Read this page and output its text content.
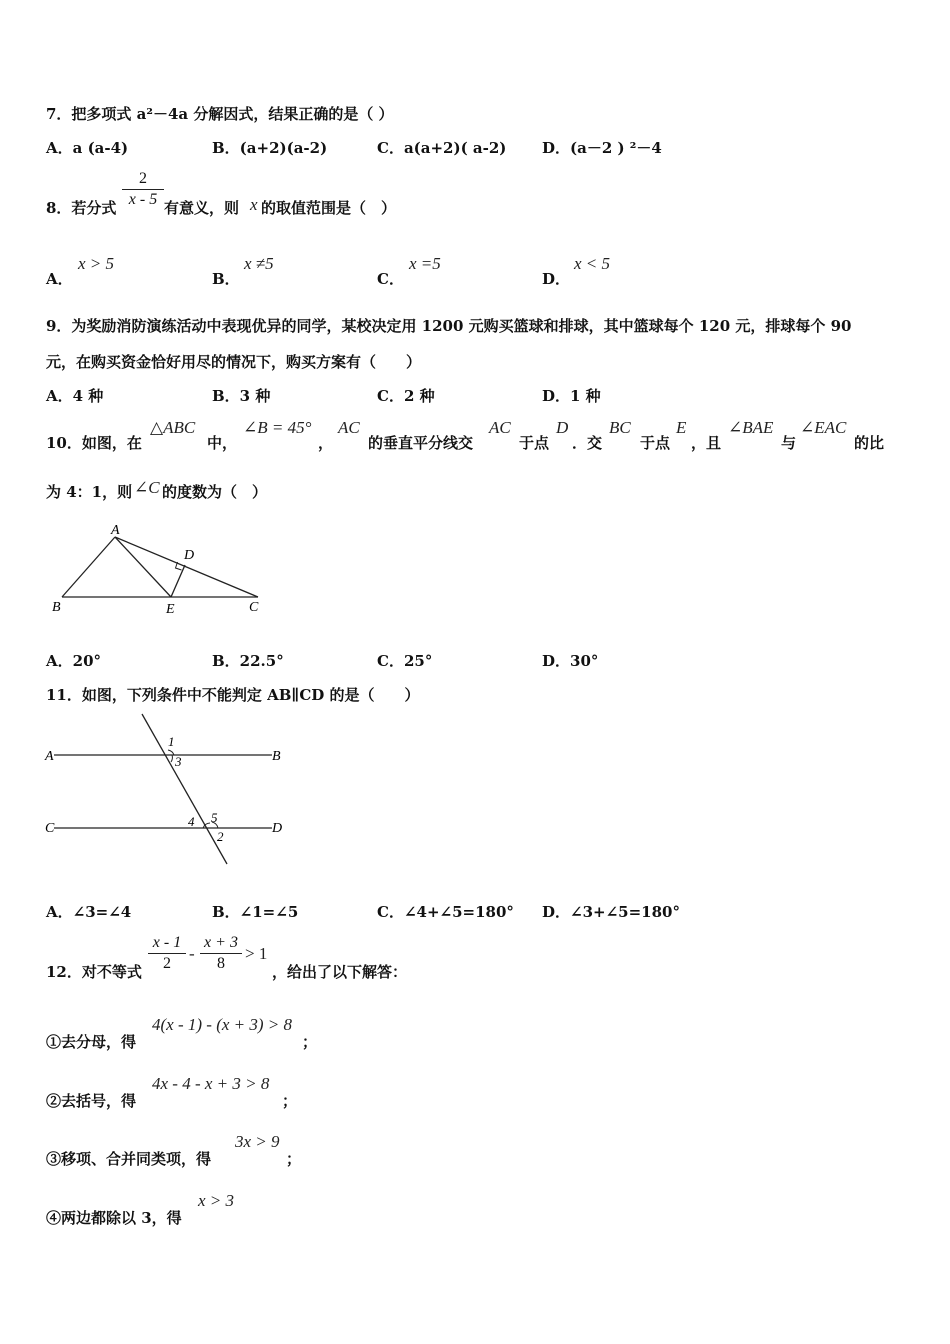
7．把多项式 a²－4a 分解因式，结果正确的是（ ）
A．a (a-4)	B．(a+2)(a-2)	C．a(a+2)( a-2) D．(a－2 ) ²－4
8．若分式
2
x - 5 有意义，则 x 的取值范围是（　）
A．
x > 5
B．
x ≠5
C．
x =5
D．
x < 5
9．为奖励消防演练活动中表现优异的同学，某校决定用 1200 元购买篮球和排球，其中篮球每个 120 元，排球每个 90
元，在购买资金恰好用尽的情况下，购买方案有（　　）
A．4 种	B．3 种	C．2 种	D．1 种
10．如图，在
△ABC
中，
∠B = 45°
，
AC
的垂直平分线交
AC
于点
D
．交
BC
于点
E
，且
∠BAE
与
∠EAC
的比
为 4：1，则 ∠C 的度数为（　）
A
B	C
D
E
A．20°	B．22.5°	C．25°	D．30°
11．如图，下列条件中不能判定 AB∥CD 的是（　　）
A	B
C	D
1
3
4 5
2
A．∠3=∠4	B．∠1=∠5	C．∠4+∠5=180° D．∠3+∠5=180°
12．对不等式
x - 1
2
-
x + 3
8
> 1
，给出了以下解答：
①去分母，得
4(x - 1) - (x + 3) > 8
；
②去括号，得
4x - 4 - x + 3 > 8
；
③移项、合并同类项，得
3x > 9
；
④两边都除以 3，得
x > 3
